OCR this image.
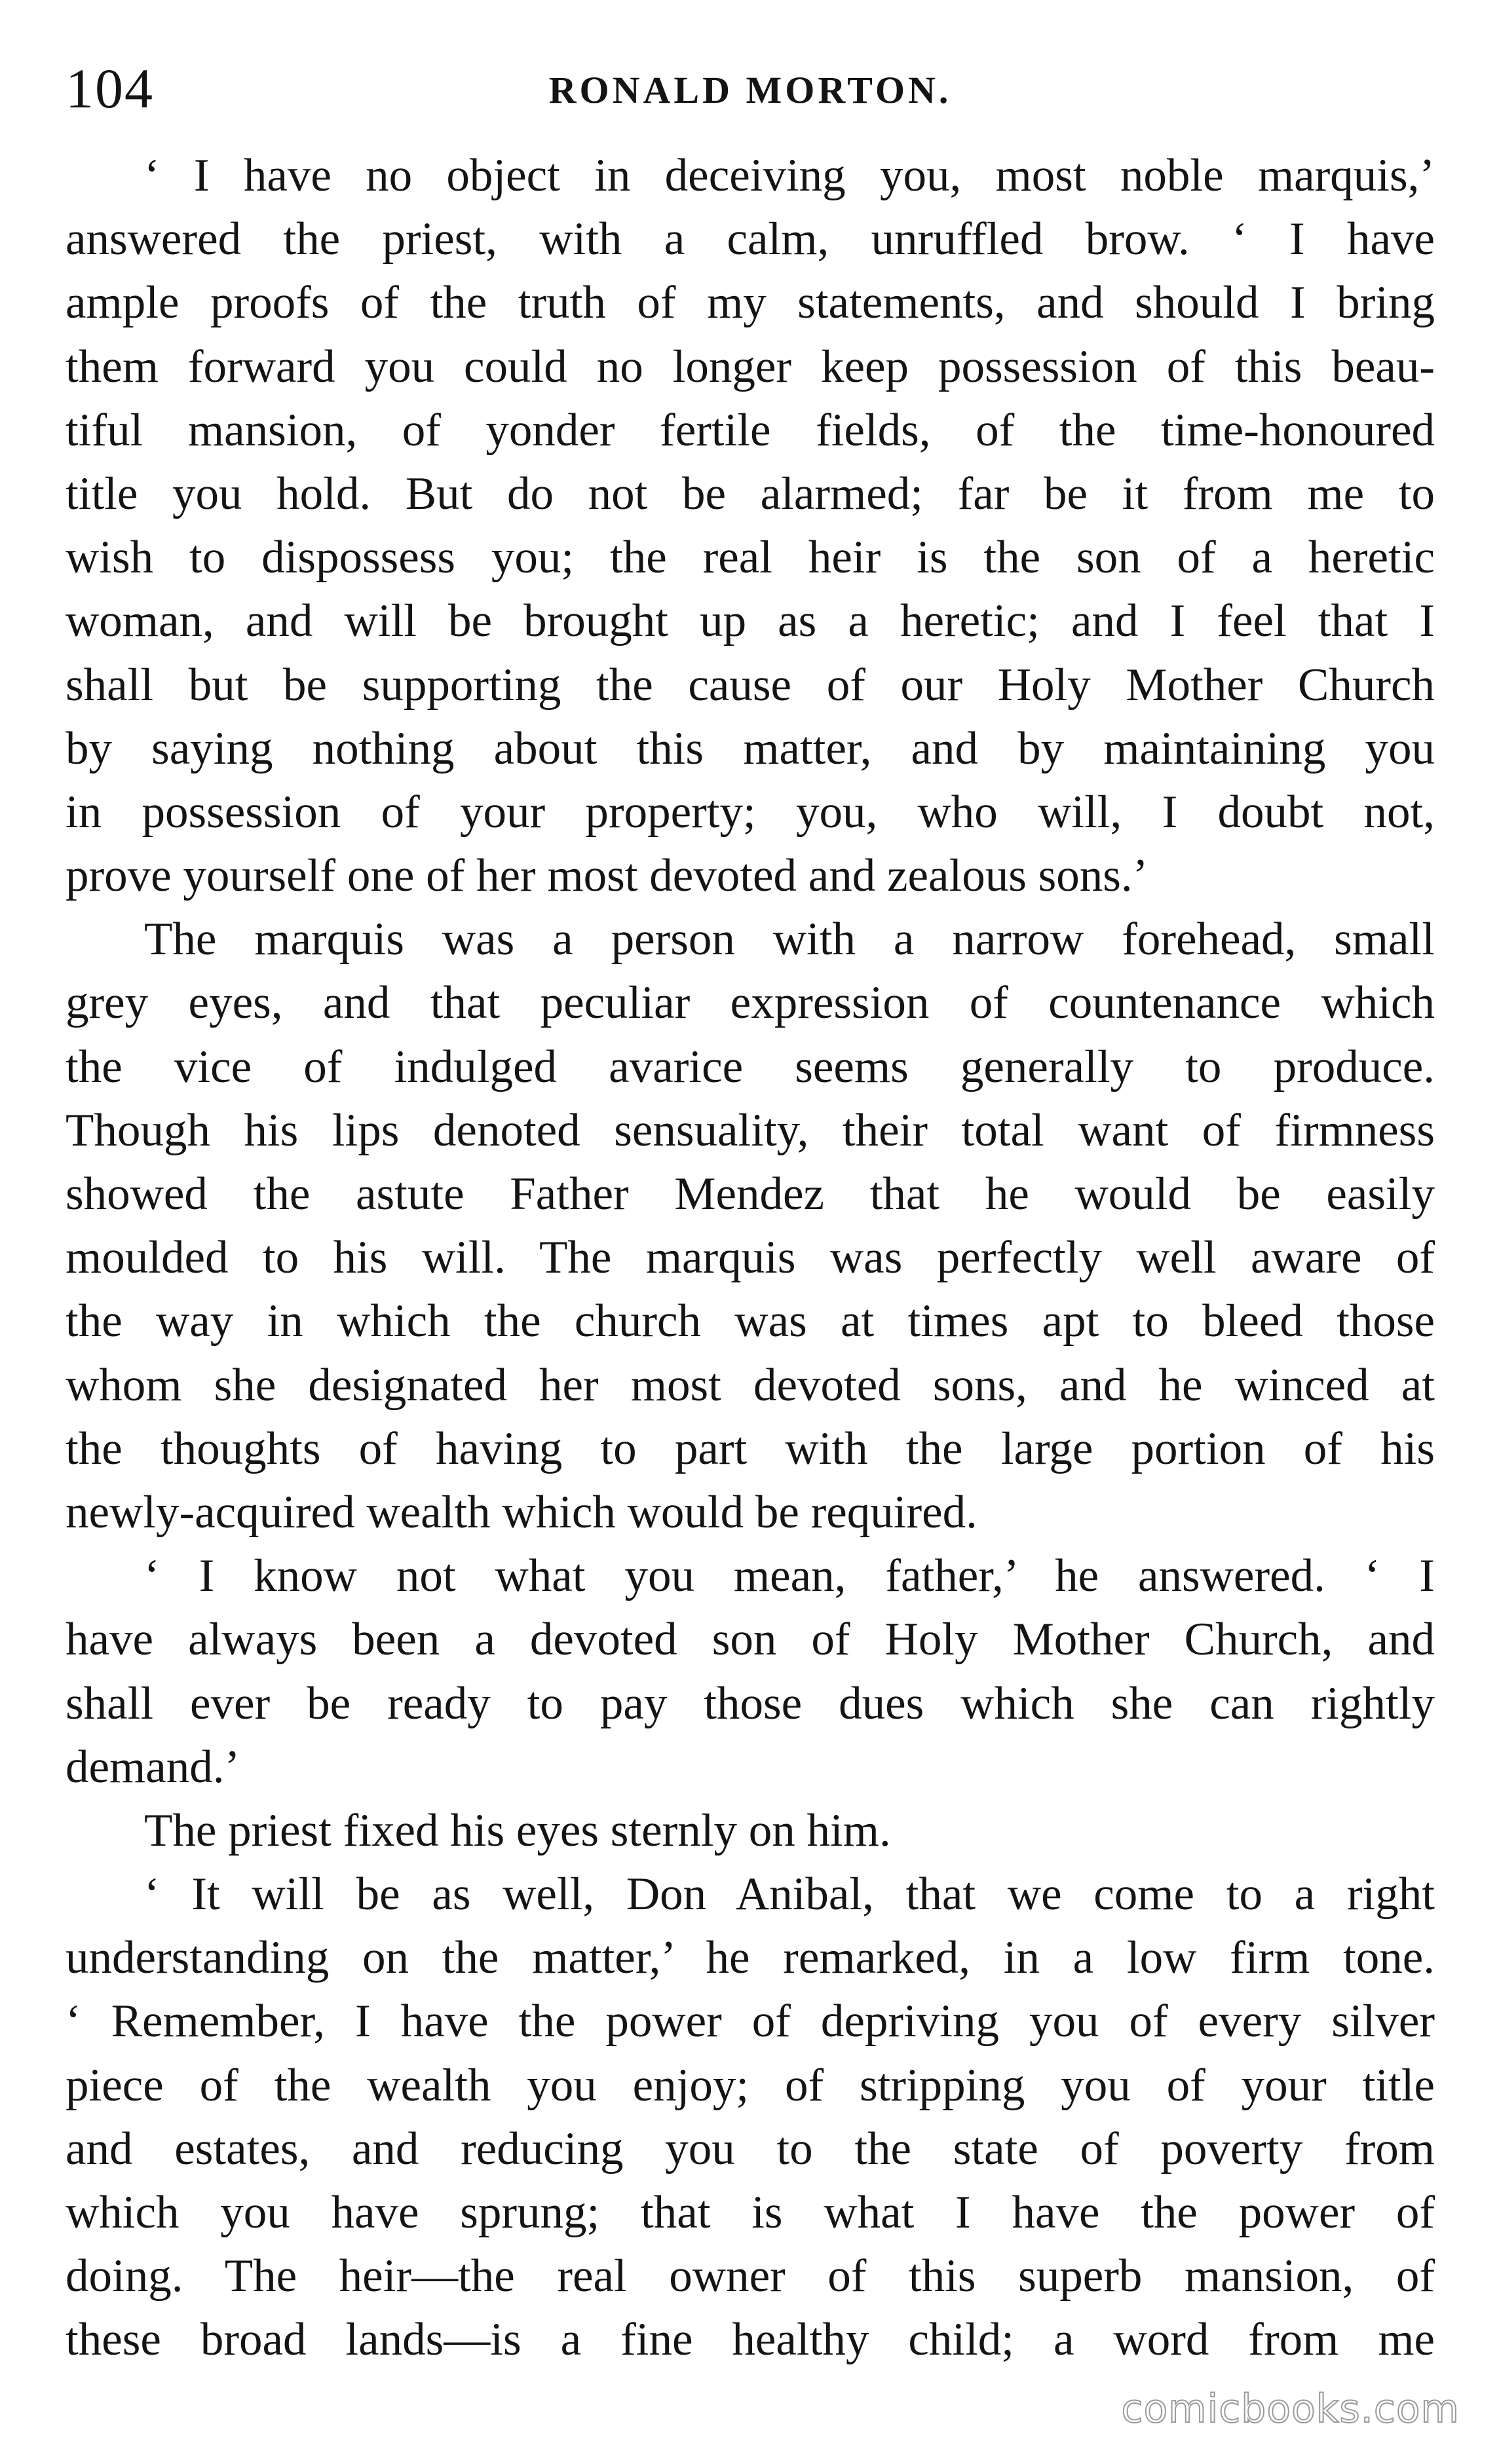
104	RONALD MORTON.
‘ I have no object in deceiving you, most noble marquis,’
answered the priest, with a calm, unruffled brow. ‘ I have
ample proofs of the truth of my statements, and should I bring
them forward you could no longer keep possession of this beau-
tiful mansion, of yonder fertile fields, of the time-honoured
title you hold. But do not be alarmed; far be it from me to
wish to dispossess you; the real heir is the son of a heretic
woman, and will be brought up as a heretic; and I feel that I
shall but be supporting the cause of our Holy Mother Church
by saying nothing about this matter, and by maintaining you
in possession of your property; you, who will, I doubt not,
prove yourself one of her most devoted and zealous sons.’
The marquis was a person with a narrow forehead, small
grey eyes, and that peculiar expression of countenance which
the vice of indulged avarice seems generally to produce.
Though his lips denoted sensuality, their total want of firmness
showed the astute Father Mendez that he would be easily
moulded to his will. The marquis was perfectly well aware of
the way in which the church was at times apt to bleed those
whom she designated her most devoted sons, and he winced at
the thoughts of having to part with the large portion of his
newly-acquired wealth which would be required.
‘ I know not what you mean, father,’ he answered. ‘ I
have always been a devoted son of Holy Mother Church, and
shall ever be ready to pay those dues which she can rightly
demand.’
The priest fixed his eyes sternly on him.
‘ It will be as well, Don Anibal, that we come to a right
understanding on the matter,’ he remarked, in a low firm tone.
‘ Remember, I have the power of depriving you of every silver
piece of the wealth you enjoy; of stripping you of your title
and estates, and reducing you to the state of poverty from
which you have sprung; that is what I have the power of
doing. The heir—the real owner of this superb mansion, of
these broad lands—is a fine healthy child; a word from me
comicbooks.com
